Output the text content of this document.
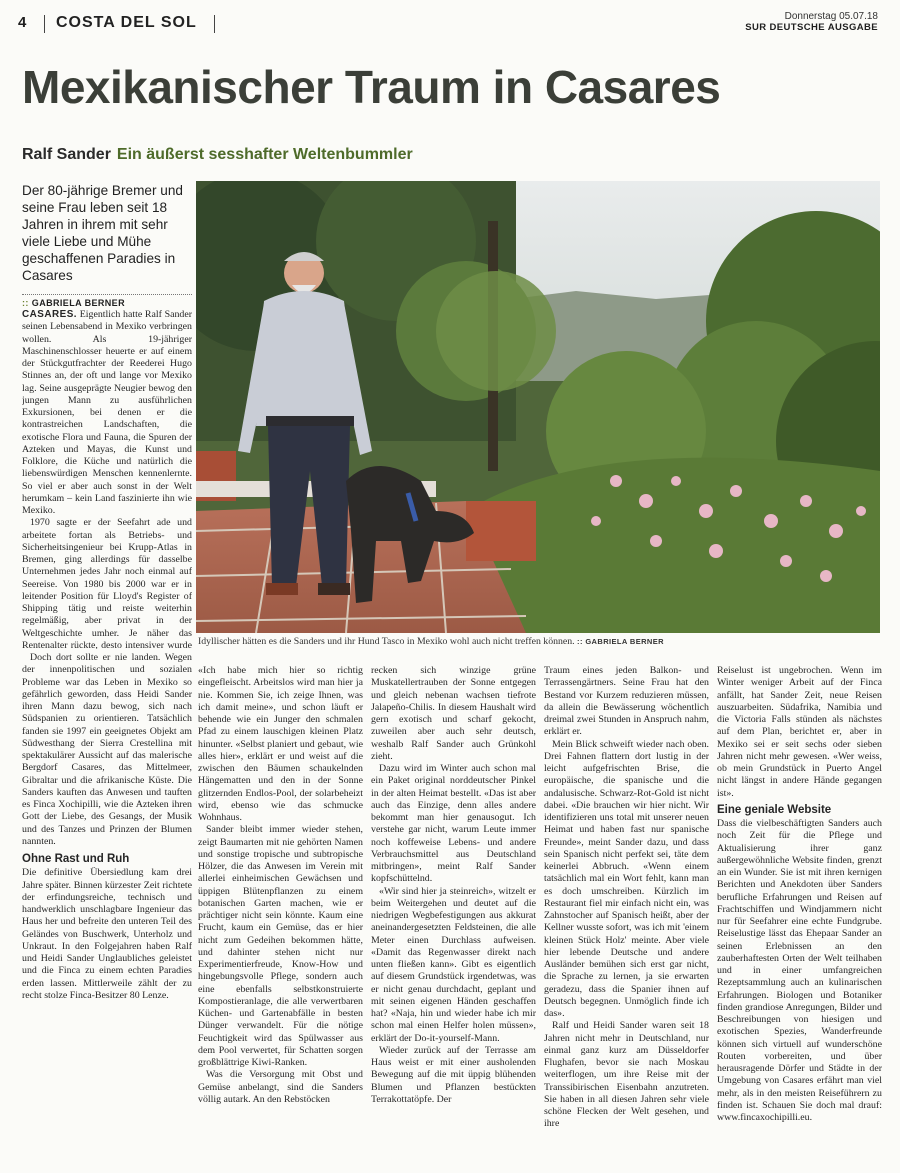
4 COSTA DEL SOL	Donnerstag 05.07.18
SUR DEUTSCHE AUSGABE
Mexikanischer Traum in Casares
Ralf Sander Ein äußerst sesshafter Weltenbummler
Der 80-jährige Bremer und seine Frau leben seit 18 Jahren in ihrem mit sehr viele Liebe und Mühe geschaffenen Paradies in Casares
:: GABRIELA BERNER
Idyllischer hätten es die Sanders und ihr Hund Tasco in Mexiko wohl auch nicht treffen können. :: GABRIELA BERNER

CASARES. Eigentlich hatte Ralf Sander seinen Lebensabend in Mexiko verbringen wollen. Als 19-jähriger Maschinenschlosser heuerte er auf einem der Stückgutfrachter der Reederei Hugo Stinnes an, der oft und lange vor Mexiko lag. Seine ausgeprägte Neugier bewog den jungen Mann zu ausführlichen Exkursionen, bei denen er die kontrastreichen Landschaften, die exotische Flora und Fauna, die Spuren der Azteken und Mayas, die Kunst und Folklore, die Küche und natürlich die liebenswürdigen Menschen kennenlernte. So viel er aber auch sonst in der Welt herumkam – kein Land faszinierte ihn wie Mexiko.

1970 sagte er der Seefahrt ade und arbeitete fortan als Betriebs- und Sicherheitsingenieur bei Krupp-Atlas in Bremen, ging allerdings für dasselbe Unternehmen jedes Jahr noch einmal auf Seereise. Von 1980 bis 2000 war er in leitender Position für Lloyd's Register of Shipping tätig und reiste weiterhin regelmäßig, aber privat in der Weltgeschichte umher. Je näher das Rentenalter rückte, desto intensiver wurde

Doch dort sollte er nie landen. Wegen der innenpolitischen und sozialen Probleme war das Leben in Mexiko so gefährlich geworden, dass Heidi Sander ihren Mann dazu bewog, sich nach Südspanien zu orientieren. Tatsächlich fanden sie 1997 ein geeignetes Objekt am Südwesthang der Sierra Crestellina mit spektakulärer Aussicht auf das malerische Bergdorf Casares, das Mittelmeer, Gibraltar und die afrikanische Küste. Die Sanders kauften das Anwesen und tauften es Finca Xochipilli, wie die Azteken ihren Gott der Liebe, des Gesangs, der Musik und des Tanzes und Prinzen der Blumen nannten.

Ohne Rast und Ruh

Die definitive Übersiedlung kam drei Jahre später. Binnen kürzester Zeit richtete der erfindungsreiche, technisch und handwerklich unschlagbare Ingenieur das Haus her und befreite den unteren Teil des Geländes von Buschwerk, Unterholz und Unkraut. In den Folgejahren haben Ralf und Heidi Sander Unglaubliches geleistet und die Finca zu einem echten Paradies erden lassen. Mittlerweile zählt der zu recht stolze Finca-Besitzer 80 Lenze.

«Ich habe mich hier so richtig eingefleischt. Arbeitslos wird man hier ja nie. Kommen Sie, ich zeige Ihnen, was ich damit meine», und schon läuft er behende wie ein Junger den schmalen Pfad zu einem lauschigen kleinen Platz hinunter. «Selbst planiert und gebaut, wie alles hier», erklärt er und weist auf die zwischen den Bäumen schaukelnden Hängematten und den in der Sonne glitzernden Endlos-Pool, der solarbeheizt wird, ebenso wie das schmucke Wohnhaus.

Sander bleibt immer wieder stehen, zeigt Baumarten mit nie gehörten Namen und sonstige tropische und subtropische Hölzer, die das Anwesen im Verein mit allerlei einheimischen Gewächsen und üppigen Blütenpflanzen zu einem botanischen Garten machen, wie er prächtiger nicht sein könnte. Kaum eine Frucht, kaum ein Gemüse, das er hier nicht zum Gedeihen bekommen hätte, und dahinter stehen nicht nur Experimentierfreude, Know-How und hingebungsvolle Pflege, sondern auch eine ebenfalls selbstkonstruierte Kompostieranlage, die alle verwertbaren Küchen- und Gartenabfälle in besten Dünger verwandelt. Für die nötige Feuchtigkeit wird das Spülwasser aus dem Pool verwertet, für Schatten sorgen großblättrige Kiwi-Ranken.

Was die Versorgung mit Obst und Gemüse anbelangt, sind die Sanders völlig autark. An den Rebstöcken

recken sich winzige grüne Muskatellertrauben der Sonne entgegen und gleich nebenan wachsen tiefrote Jalapeño-Chilis. In diesem Haushalt wird gern exotisch und scharf gekocht, zuweilen aber auch sehr deutsch, weshalb Ralf Sander auch Grünkohl zieht.

Dazu wird im Winter auch schon mal ein Paket original norddeutscher Pinkel in der alten Heimat bestellt. «Das ist aber auch das Einzige, denn alles andere bekommt man hier genausogut. Ich verstehe gar nicht, warum Leute immer noch koffeweise Lebens- und andere Verbrauchsmittel aus Deutschland mitbringen», meint Ralf Sander kopfschüttelnd.

«Wir sind hier ja steinreich», witzelt er beim Weitergehen und deutet auf die niedrigen Wegbefestigungen aus akkurat aneinandergesetzten Feldsteinen, die alle Meter einen Durchlass aufweisen. «Damit das Regenwasser direkt nach unten fließen kann». Gibt es eigentlich auf diesem Grundstück irgendetwas, was er nicht genau durchdacht, geplant und mit seinen eigenen Händen geschaffen hat? «Naja, hin und wieder habe ich mir schon mal einen Helfer holen müssen», erklärt der Do-it-yourself-Mann.

Wieder zurück auf der Terrasse am Haus weist er mit einer ausholenden Bewegung auf die mit üppig blühenden Blumen und Pflanzen bestückten Terrakottatöpfe. Der

Traum eines jeden Balkon- und Terrassengärtners. Seine Frau hat den Bestand vor Kurzem reduzieren müssen, da allein die Bewässerung wöchentlich dreimal zwei Stunden in Anspruch nahm, erklärt er.

Mein Blick schweift wieder nach oben. Drei Fahnen flattern dort lustig in der leicht aufgefrischten Brise, die europäische, die spanische und die andalusische. Schwarz-Rot-Gold ist nicht dabei. «Die brauchen wir hier nicht. Wir identifizieren uns total mit unserer neuen Heimat und haben fast nur spanische Freunde», meint Sander dazu, und dass sein Spanisch nicht perfekt sei, täte dem keinerlei Abbruch. «Wenn einem tatsächlich mal ein Wort fehlt, kann man es doch umschreiben. Kürzlich im Restaurant fiel mir einfach nicht ein, was Zahnstocher auf Spanisch heißt, aber der Kellner wusste sofort, was ich mit 'einem kleinen Stück Holz' meinte. Aber viele hier lebende Deutsche und andere Ausländer bemühen sich erst gar nicht, die Sprache zu lernen, ja sie erwarten geradezu, dass die Spanier ihnen auf Deutsch begegnen. Unmöglich finde ich das».

Ralf und Heidi Sander waren seit 18 Jahren nicht mehr in Deutschland, nur einmal ganz kurz am Düsseldorfer Flughafen, bevor sie nach Moskau weiterflogen, um ihre Reise mit der Transsibirischen Eisenbahn anzutreten. Sie haben in all diesen Jahren sehr viele schöne Flecken der Welt gesehen, und ihre

Reiselust ist ungebrochen. Wenn im Winter weniger Arbeit auf der Finca anfällt, hat Sander Zeit, neue Reisen auszuarbeiten. Südafrika, Namibia und die Victoria Falls stünden als nächstes auf dem Plan, berichtet er, aber in Mexiko sei er seit sechs oder sieben Jahren nicht mehr gewesen. «Wer weiss, ob mein Grundstück in Puerto Angel nicht längst in andere Hände gegangen ist».

Eine geniale Website

Dass die vielbeschäftigten Sanders auch noch Zeit für die Pflege und Aktualisierung ihrer ganz außergewöhnliche Website finden, grenzt an ein Wunder. Sie ist mit ihren kernigen Berichten und Anekdoten über Sanders berufliche Erfahrungen und Reisen auf Frachtschiffen und Windjammern nicht nur für Seefahrer eine echte Fundgrube. Reiselustige lässt das Ehepaar Sander an seinen Erlebnissen an den zauberhaftesten Orten der Welt teilhaben und in einer umfangreichen Rezeptsammlung auch an kulinarischen Erfahrungen. Biologen und Botaniker finden grandiose Anregungen, Bilder und Beschreibungen von hiesigen und exotischen Spezies, Wanderfreunde können sich virtuell auf wunderschöne Routen vorbereiten, und über herausragende Dörfer und Städte in der Umgebung von Casares erfährt man viel mehr, als in den meisten Reiseführern zu finden ist. Schauen Sie doch mal drauf: www.fincaxochipilli.eu.
